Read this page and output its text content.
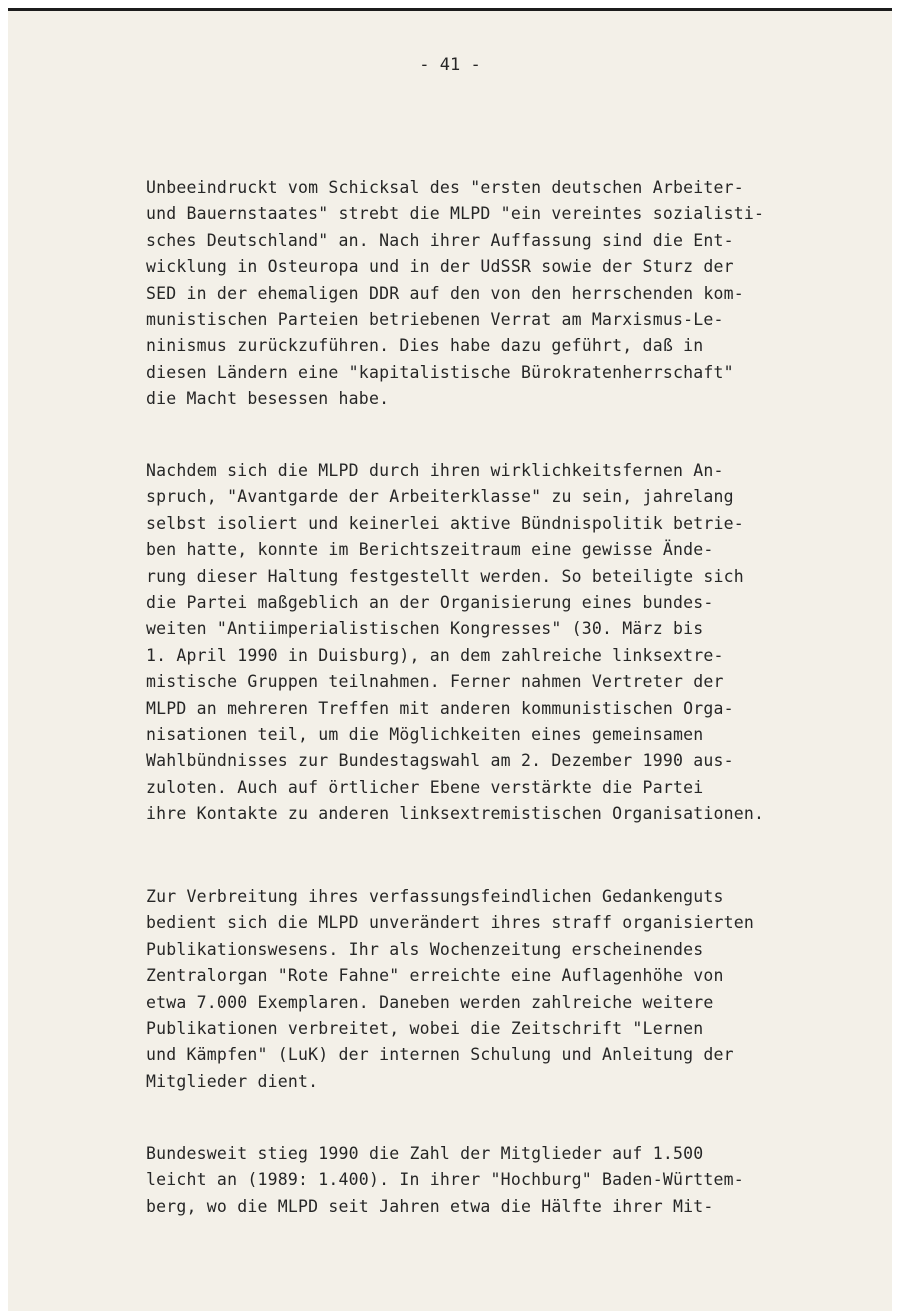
- 41 -

Unbeeindruckt vom Schicksal des "ersten deutschen Arbeiter-
und Bauernstaates" strebt die MLPD "ein vereintes sozialisti-
sches Deutschland" an. Nach ihrer Auffassung sind die Ent-
wicklung in Osteuropa und in der UdSSR sowie der Sturz der
SED in der ehemaligen DDR auf den von den herrschenden kom-
munistischen Parteien betriebenen Verrat am Marxismus-Le-
ninismus zurückzuführen. Dies habe dazu geführt, daß in
diesen Ländern eine "kapitalistische Bürokratenherrschaft"
die Macht besessen habe.

Nachdem sich die MLPD durch ihren wirklichkeitsfernen An-
spruch, "Avantgarde der Arbeiterklasse" zu sein, jahrelang
selbst isoliert und keinerlei aktive Bündnispolitik betrie-
ben hatte, konnte im Berichtszeitraum eine gewisse Ände-
rung dieser Haltung festgestellt werden. So beteiligte sich
die Partei maßgeblich an der Organisierung eines bundes-
weiten "Antiimperialistischen Kongresses" (30. März bis
1. April 1990 in Duisburg), an dem zahlreiche linksextre-
mistische Gruppen teilnahmen. Ferner nahmen Vertreter der
MLPD an mehreren Treffen mit anderen kommunistischen Orga-
nisationen teil, um die Möglichkeiten eines gemeinsamen
Wahlbündnisses zur Bundestagswahl am 2. Dezember 1990 aus-
zuloten. Auch auf örtlicher Ebene verstärkte die Partei
ihre Kontakte zu anderen linksextremistischen Organisationen.

Zur Verbreitung ihres verfassungsfeindlichen Gedankenguts
bedient sich die MLPD unverändert ihres straff organisierten
Publikationswesens. Ihr als Wochenzeitung erscheinendes
Zentralorgan "Rote Fahne" erreichte eine Auflagenhöhe von
etwa 7.000 Exemplaren. Daneben werden zahlreiche weitere
Publikationen verbreitet, wobei die Zeitschrift "Lernen
und Kämpfen" (LuK) der internen Schulung und Anleitung der
Mitglieder dient.

Bundesweit stieg 1990 die Zahl der Mitglieder auf 1.500
leicht an (1989: 1.400). In ihrer "Hochburg" Baden-Württem-
berg, wo die MLPD seit Jahren etwa die Hälfte ihrer Mit-
